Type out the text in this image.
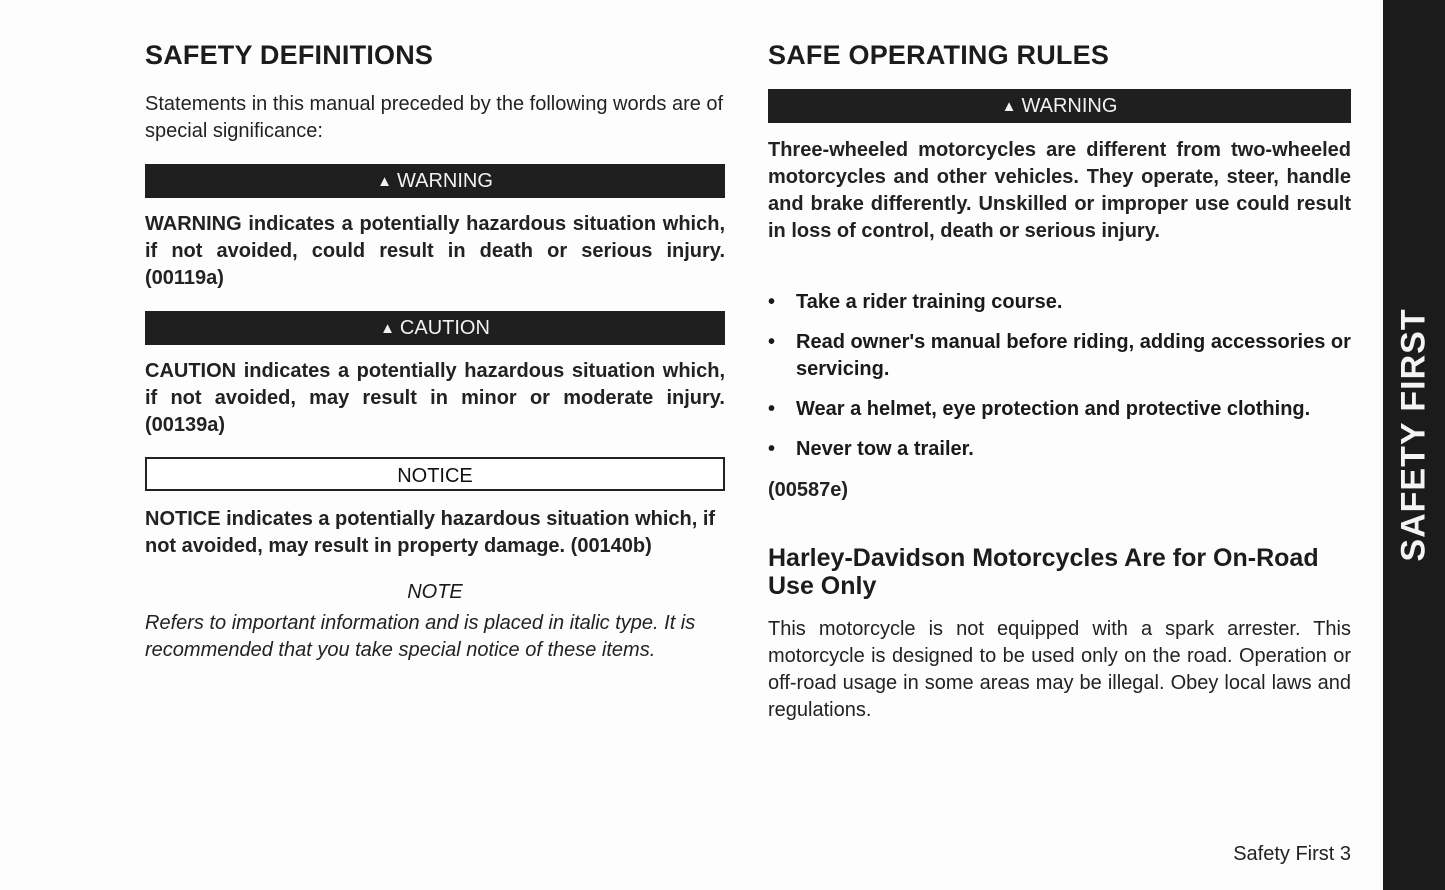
SAFETY DEFINITIONS
Statements in this manual preceded by the following words are of special significance:
▲ WARNING
WARNING indicates a potentially hazardous situation which, if not avoided, could result in death or serious injury. (00119a)
▲ CAUTION
CAUTION indicates a potentially hazardous situation which, if not avoided, may result in minor or moderate injury. (00139a)
NOTICE
NOTICE indicates a potentially hazardous situation which, if not avoided, may result in property damage. (00140b)
NOTE
Refers to important information and is placed in italic type. It is recommended that you take special notice of these items.
SAFE OPERATING RULES
▲ WARNING
Three-wheeled motorcycles are different from two-wheeled motorcycles and other vehicles. They operate, steer, handle and brake differently. Unskilled or improper use could result in loss of control, death or serious injury.
• Take a rider training course.
• Read owner's manual before riding, adding accessories or servicing.
• Wear a helmet, eye protection and protective clothing.
• Never tow a trailer.
(00587e)
Harley-Davidson Motorcycles Are for On-Road Use Only
This motorcycle is not equipped with a spark arrester. This motorcycle is designed to be used only on the road. Operation or off-road usage in some areas may be illegal. Obey local laws and regulations.
SAFETY FIRST
Safety First 3
